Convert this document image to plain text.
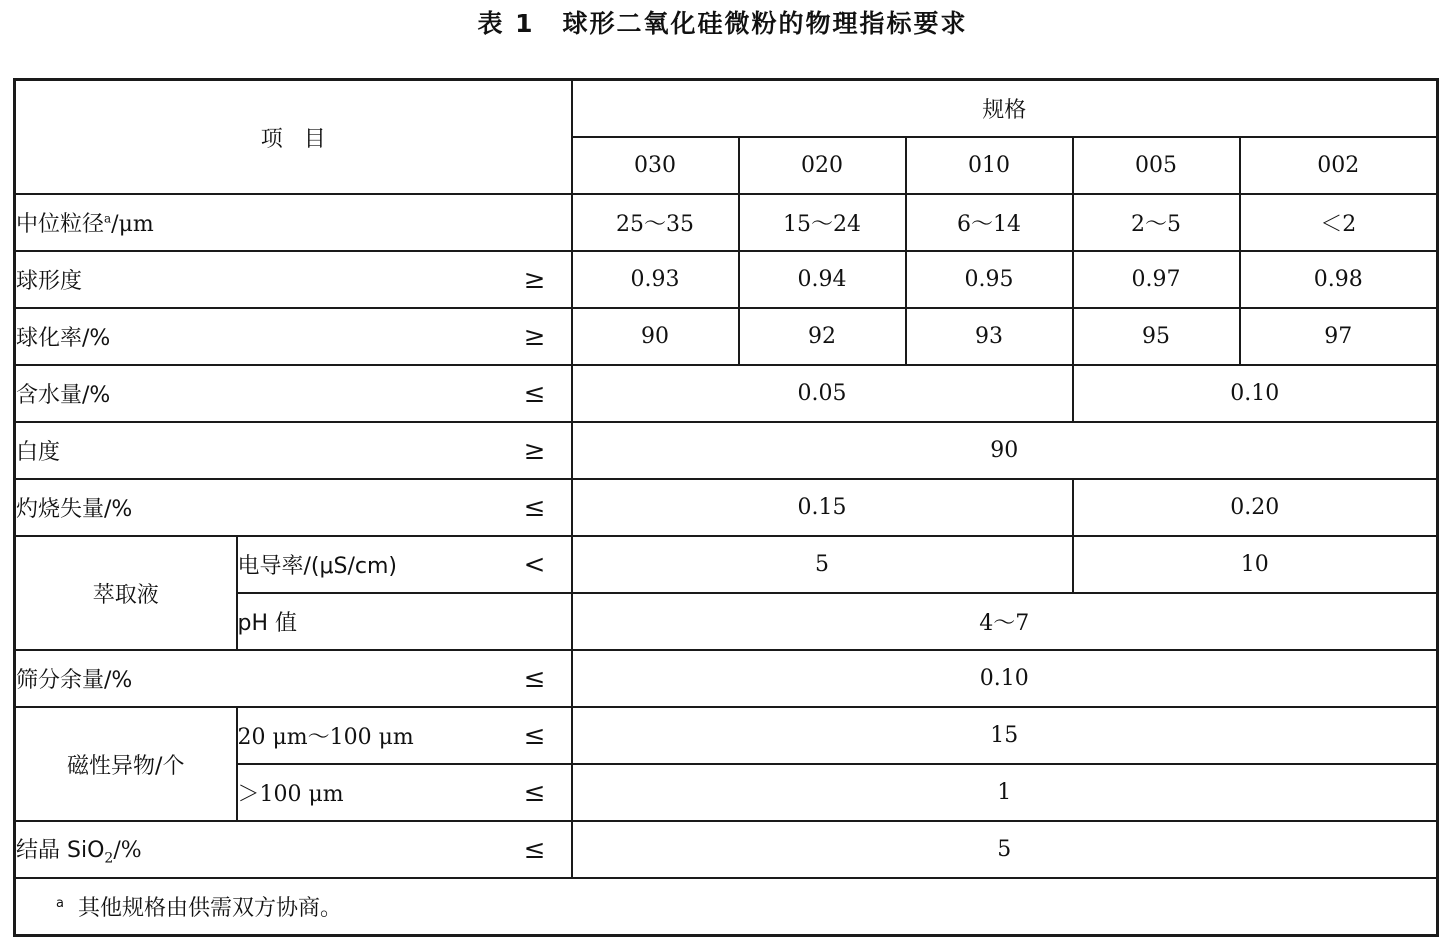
表 1 球形二氧化硅微粉的物理指标要求
项   目			规格				
			030	020	010	005	002
中位粒径$^a$/μm			25～35	15～24	6～14	2～5	＜2
球形度		≥	0.93	0.94	0.95	0.97	0.98
球化率/%		≥	90	92	93	95	97
含水量/%		≤	0.05			0.10	
白度		≥	90				
灼烧失量/%		≤	0.15			0.20	
萃取液	电导率/(μS/cm)	<	5			10	
	pH 值		4～7				
筛分余量/%		≤	0.10				
磁性异物/个	20 μm～100 μm	≤	15				
	＞100 μm	≤	1				
结晶 SiO$_2$/%		≤	5				
$^a$ 其他规格由供需双方协商。							
